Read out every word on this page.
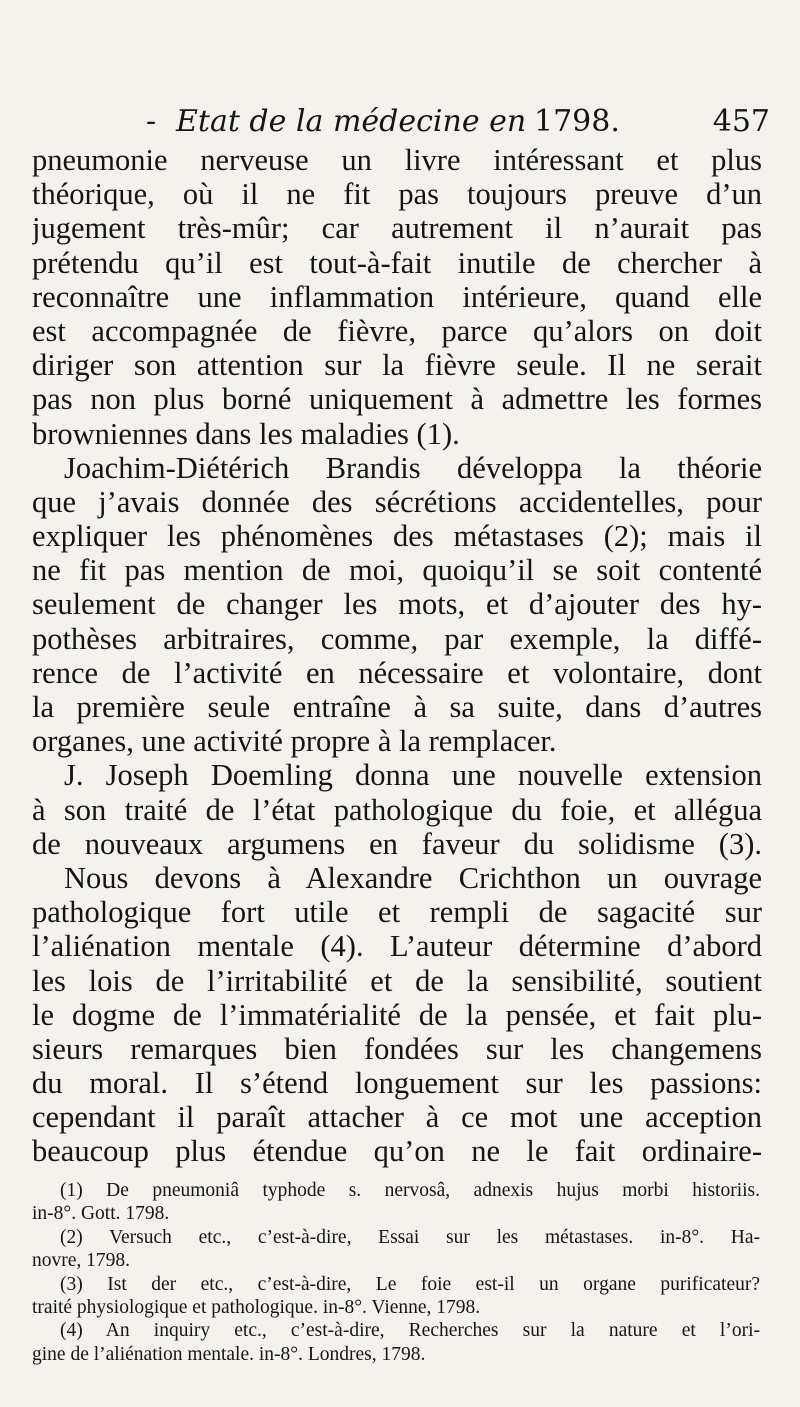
- Etat de la médecine en 1798.	457
pneumonie nerveuse un livre intéressant et plus
théorique, où il ne fit pas toujours preuve d’un
jugement très-mûr; car autrement il n’aurait pas
prétendu qu’il est tout-à-fait inutile de chercher à
reconnaître une inflammation intérieure, quand elle
est accompagnée de fièvre, parce qu’alors on doit
diriger son attention sur la fièvre seule. Il ne serait
pas non plus borné uniquement à admettre les formes
browniennes dans les maladies (1).
Joachim-Diétérich Brandis développa la théorie
que j’avais donnée des sécrétions accidentelles, pour
expliquer les phénomènes des métastases (2); mais il
ne fit pas mention de moi, quoiqu’il se soit contenté
seulement de changer les mots, et d’ajouter des hy-
pothèses arbitraires, comme, par exemple, la diffé-
rence de l’activité en nécessaire et volontaire, dont
la première seule entraîne à sa suite, dans d’autres
organes, une activité propre à la remplacer.
J. Joseph Doemling donna une nouvelle extension
à son traité de l’état pathologique du foie, et allégua
de nouveaux argumens en faveur du solidisme (3).
Nous devons à Alexandre Crichthon un ouvrage
pathologique fort utile et rempli de sagacité sur
l’aliénation mentale (4). L’auteur détermine d’abord
les lois de l’irritabilité et de la sensibilité, soutient
le dogme de l’immatérialité de la pensée, et fait plu-
sieurs remarques bien fondées sur les changemens
du moral. Il s’étend longuement sur les passions:
cependant il paraît attacher à ce mot une acception
beaucoup plus étendue qu’on ne le fait ordinaire-
(1) De pneumoniâ typhode s. nervosâ, adnexis hujus morbi historiis.
in-8°. Gott. 1798.
(2) Versuch etc., c’est-à-dire, Essai sur les métastases. in-8°. Ha-
novre, 1798.
(3) Ist der etc., c’est-à-dire, Le foie est-il un organe purificateur?
traité physiologique et pathologique. in-8°. Vienne, 1798.
(4) An inquiry etc., c’est-à-dire, Recherches sur la nature et l’ori-
gine de l’aliénation mentale. in-8°. Londres, 1798.
